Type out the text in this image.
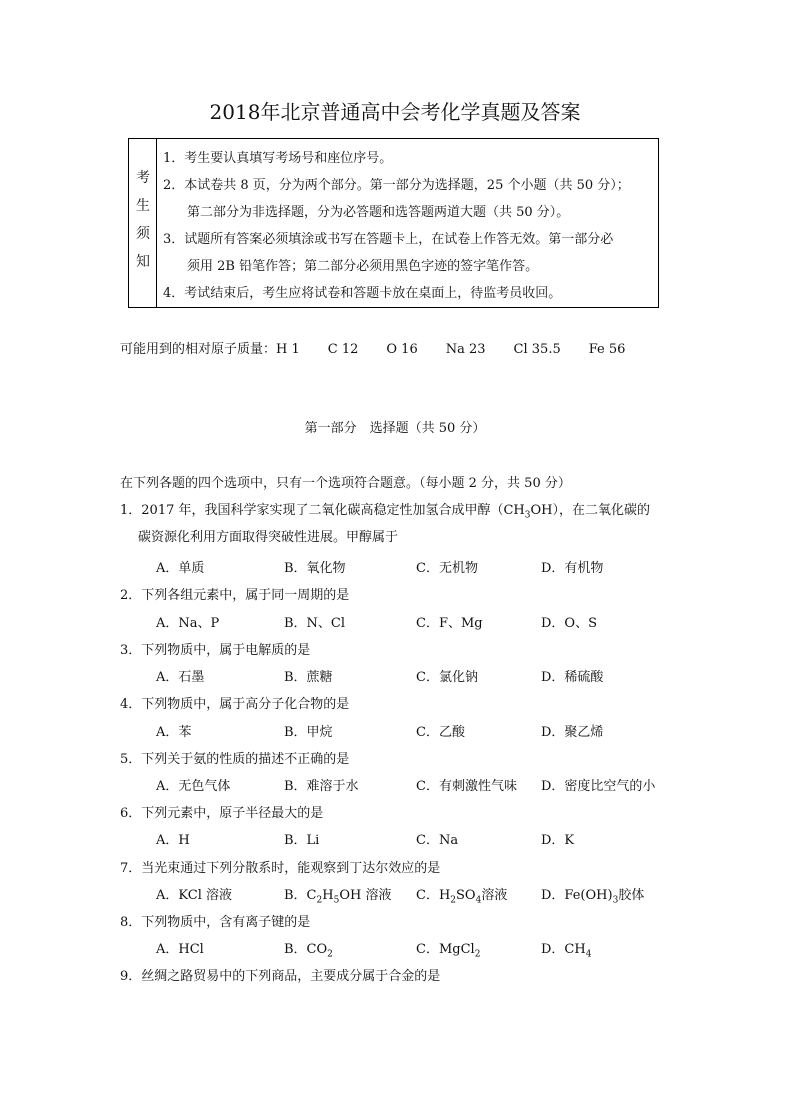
2018年北京普通高中会考化学真题及答案
考
生
须
知
1．考生要认真填写考场号和座位序号。
2．本试卷共 8 页，分为两个部分。第一部分为选择题，25 个小题（共 50 分）；
第二部分为非选择题，分为必答题和选答题两道大题（共 50 分）。
3．试题所有答案必须填涂或书写在答题卡上，在试卷上作答无效。第一部分必
须用 2B 铅笔作答；第二部分必须用黑色字迹的签字笔作答。
4．考试结束后，考生应将试卷和答题卡放在桌面上，待监考员收回。
可能用到的相对原子质量：H 1 C 12 O 16 Na 23 Cl 35.5 Fe 56
第一部分　选择题（共 50 分）
在下列各题的四个选项中，只有一个选项符合题意。（每小题 2 分，共 50 分）
1．2017 年，我国科学家实现了二氧化碳高稳定性加氢合成甲醇$(CH_3OH)$，在二氧化碳的
碳资源化利用方面取得突破性进展。甲醇属于
A．单质	B．氧化物	C．无机物	D．有机物
2．下列各组元素中，属于同一周期的是
A．Na、P	B．N、Cl	C．F、Mg	D．O、S
3．下列物质中，属于电解质的是
A．石墨	B．蔗糖	C．氯化钠	D．稀硫酸
4．下列物质中，属于高分子化合物的是
A．苯	B．甲烷	C．乙酸	D．聚乙烯
5．下列关于氨的性质的描述不正确的是
A．无色气体	B．难溶于水	C．有刺激性气味 D．密度比空气的小
6．下列元素中，原子半径最大的是
A．H	B．Li	C．Na	D．K
7．当光束通过下列分散系时，能观察到丁达尔效应的是
A．KCl 溶液	B．$C_2H_5OH$ 溶液 C．$H_2SO_4$溶液	D．$Fe(OH)_3$胶体
8．下列物质中，含有离子键的是
A．HCl	B．$CO_2$	C．MgCl$_2$	D．$CH_4$
9．丝绸之路贸易中的下列商品，主要成分属于合金的是
